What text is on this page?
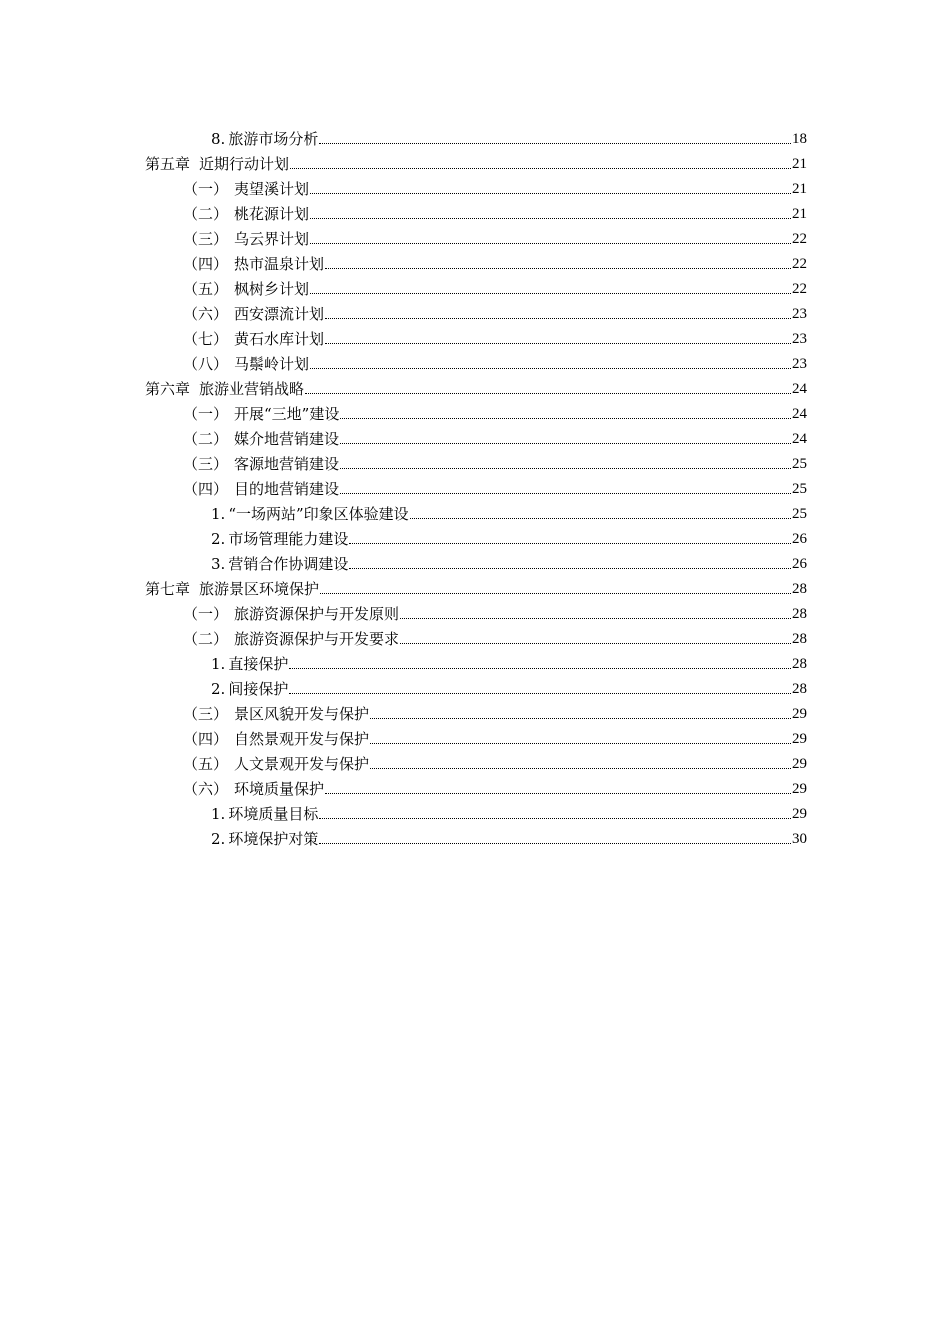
8. 旅游市场分析	18
第五章 近期行动计划	21
（一） 夷望溪计划	21
（二） 桃花源计划	21
（三） 乌云界计划	22
（四） 热市温泉计划	22
（五） 枫树乡计划	22
（六） 西安漂流计划	23
（七） 黄石水库计划	23
（八） 马鬃岭计划	23
第六章 旅游业营销战略	24
（一） 开展“三地”建设	24
（二） 媒介地营销建设	24
（三） 客源地营销建设	25
（四） 目的地营销建设	25
1. “一场两站”印象区体验建设	25
2. 市场管理能力建设	26
3. 营销合作协调建设	26
第七章 旅游景区环境保护	28
（一） 旅游资源保护与开发原则	28
（二） 旅游资源保护与开发要求	28
1. 直接保护	28
2. 间接保护	28
（三） 景区风貌开发与保护	29
（四） 自然景观开发与保护	29
（五） 人文景观开发与保护	29
（六） 环境质量保护	29
1. 环境质量目标	29
2. 环境保护对策	30
